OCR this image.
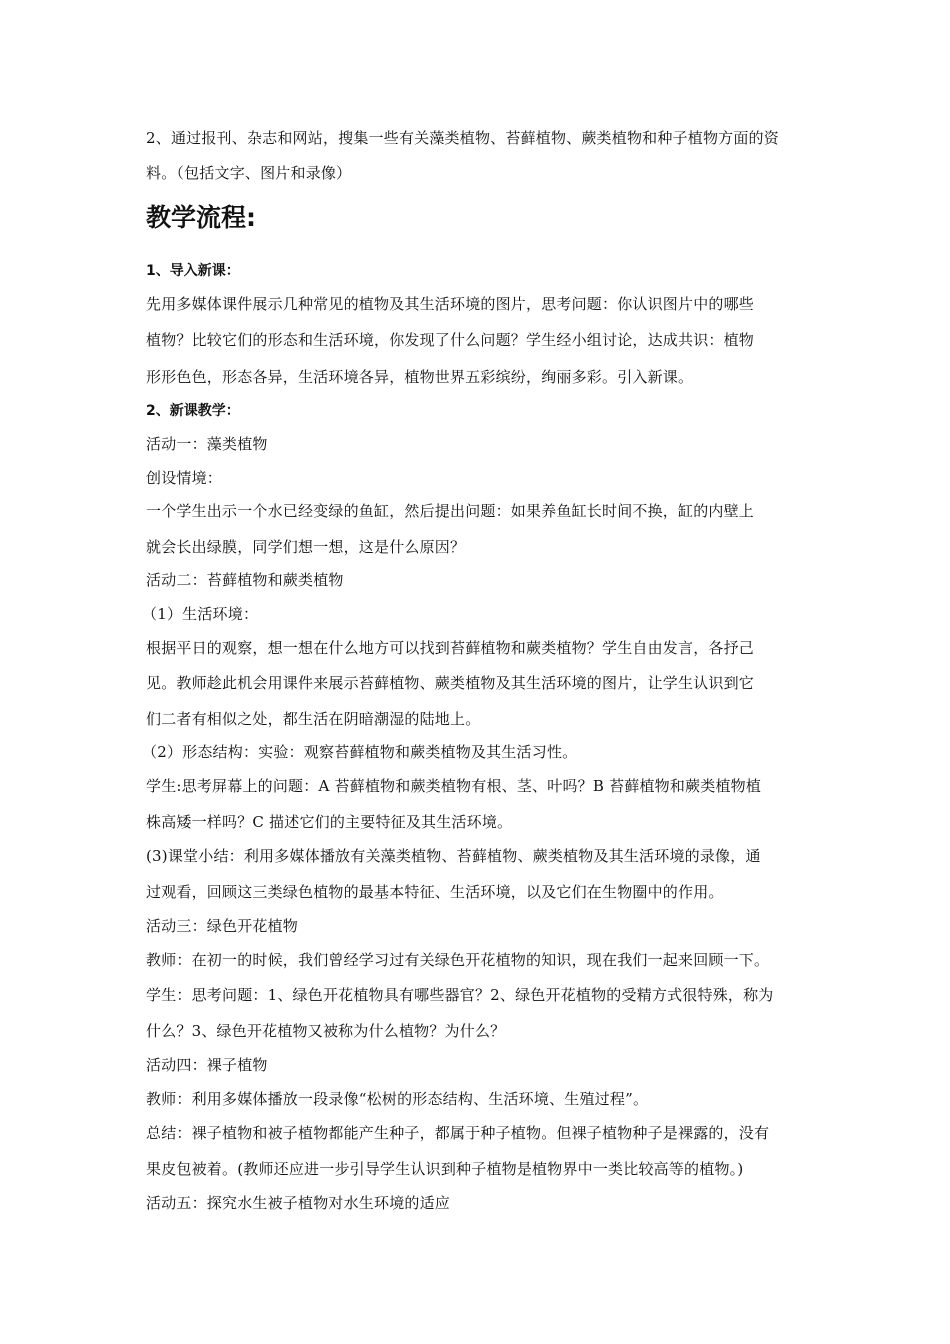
2、通过报刊、杂志和网站，搜集一些有关藻类植物、苔藓植物、蕨类植物和种子植物方面的资
料。（包括文字、图片和录像）
教学流程:
1、导入新课：
先用多媒体课件展示几种常见的植物及其生活环境的图片，思考问题：你认识图片中的哪些
植物？比较它们的形态和生活环境，你发现了什么问题？学生经小组讨论，达成共识：植物
形形色色，形态各异，生活环境各异，植物世界五彩缤纷，绚丽多彩。引入新课。
2、新课教学：
活动一：藻类植物
创设情境：
一个学生出示一个水已经变绿的鱼缸，然后提出问题：如果养鱼缸长时间不换，缸的内壁上
就会长出绿膜，同学们想一想，这是什么原因？
活动二：苔藓植物和蕨类植物
（1）生活环境：
根据平日的观察，想一想在什么地方可以找到苔藓植物和蕨类植物？学生自由发言，各抒己
见。教师趁此机会用课件来展示苔藓植物、蕨类植物及其生活环境的图片，让学生认识到它
们二者有相似之处，都生活在阴暗潮湿的陆地上。
（2）形态结构：实验：观察苔藓植物和蕨类植物及其生活习性。
学生:思考屏幕上的问题：A 苔藓植物和蕨类植物有根、茎、叶吗？B 苔藓植物和蕨类植物植
株高矮一样吗？C 描述它们的主要特征及其生活环境。
(3)课堂小结：利用多媒体播放有关藻类植物、苔藓植物、蕨类植物及其生活环境的录像，通
过观看，回顾这三类绿色植物的最基本特征、生活环境，以及它们在生物圈中的作用。
活动三：绿色开花植物
教师：在初一的时候，我们曾经学习过有关绿色开花植物的知识，现在我们一起来回顾一下。
学生：思考问题：1、绿色开花植物具有哪些器官？2、绿色开花植物的受精方式很特殊，称为
什么？3、绿色开花植物又被称为什么植物？为什么？
活动四：裸子植物
教师：利用多媒体播放一段录像“松树的形态结构、生活环境、生殖过程”。
总结：裸子植物和被子植物都能产生种子，都属于种子植物。但裸子植物种子是裸露的，没有
果皮包被着。(教师还应进一步引导学生认识到种子植物是植物界中一类比较高等的植物。)
活动五：探究水生被子植物对水生环境的适应
